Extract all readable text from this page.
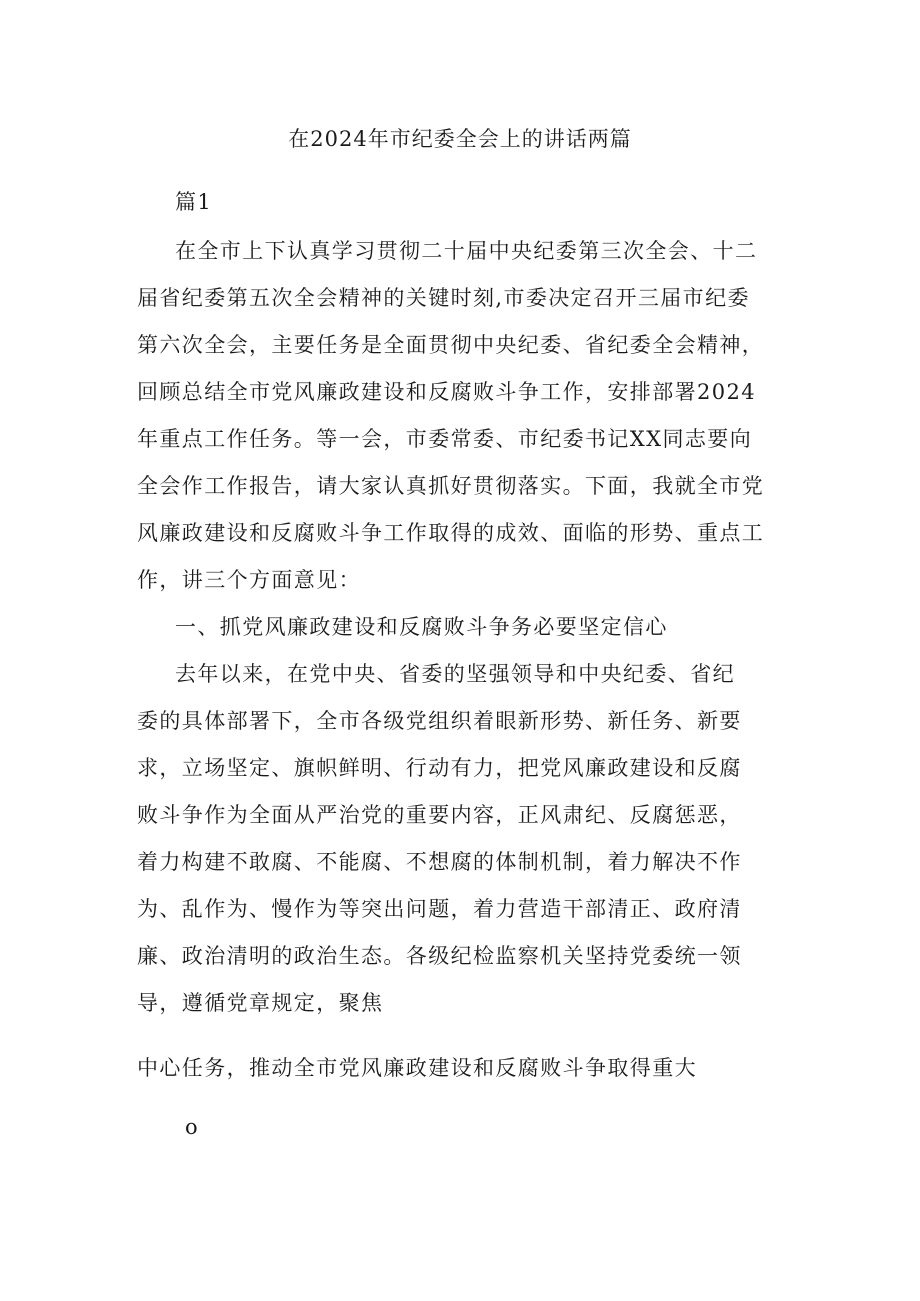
在2024年市纪委全会上的讲话两篇
篇1
在全市上下认真学习贯彻二十届中央纪委第三次全会、十二
届省纪委第五次全会精神的关键时刻,市委决定召开三届市纪委
第六次全会，主要任务是全面贯彻中央纪委、省纪委全会精神，
回顾总结全市党风廉政建设和反腐败斗争工作，安排部署2024
年重点工作任务。等一会，市委常委、市纪委书记XX同志要向
全会作工作报告，请大家认真抓好贯彻落实。下面，我就全市党
风廉政建设和反腐败斗争工作取得的成效、面临的形势、重点工
作，讲三个方面意见：
一、抓党风廉政建设和反腐败斗争务必要坚定信心
去年以来，在党中央、省委的坚强领导和中央纪委、省纪
委的具体部署下，全市各级党组织着眼新形势、新任务、新要
求，立场坚定、旗帜鲜明、行动有力，把党风廉政建设和反腐
败斗争作为全面从严治党的重要内容，正风肃纪、反腐惩恶，
着力构建不敢腐、不能腐、不想腐的体制机制，着力解决不作
为、乱作为、慢作为等突出问题，着力营造干部清正、政府清
廉、政治清明的政治生态。各级纪检监察机关坚持党委统一领
导，遵循党章规定，聚焦
中心任务，推动全市党风廉政建设和反腐败斗争取得重大
o
